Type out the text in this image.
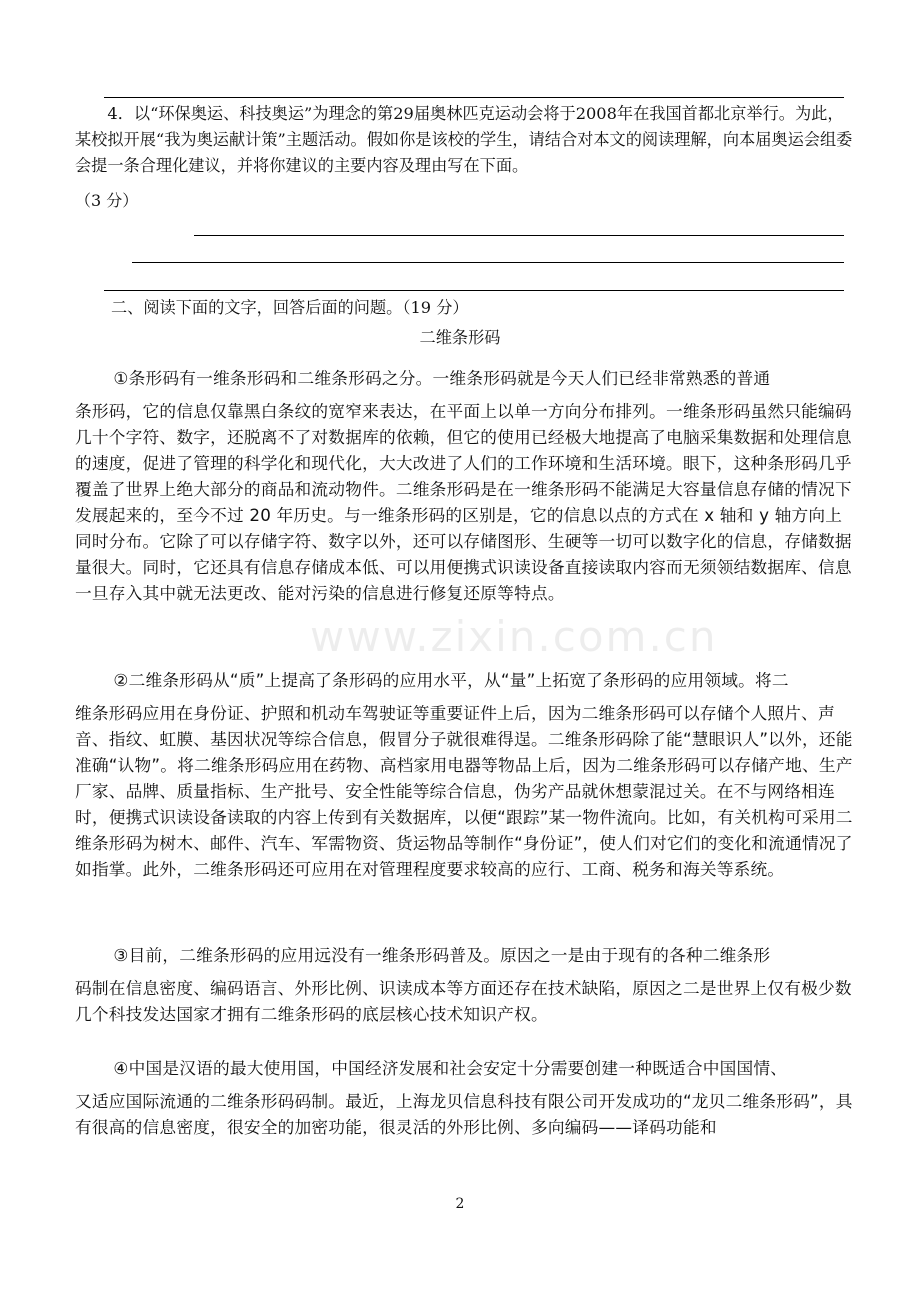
4．以“环保奥运、科技奥运”为理念的第29届奥林匹克运动会将于2008年在我国首都北京举行。为此，某校拟开展“我为奥运献计策”主题活动。假如你是该校的学生，请结合对本文的阅读理解，向本届奥运会组委会提一条合理化建议，并将你建议的主要内容及理由写在下面。

（3 分）

二、阅读下面的文字，回答后面的问题。（19 分）

二维条形码

①条形码有一维条形码和二维条形码之分。一维条形码就是今天人们已经非常熟悉的普通
条形码，它的信息仅靠黑白条纹的宽窄来表达，在平面上以单一方向分布排列。一维条形码虽然只能编码几十个字符、数字，还脱离不了对数据库的依赖，但它的使用已经极大地提高了电脑采集数据和处理信息的速度，促进了管理的科学化和现代化，大大改进了人们的工作环境和生活环境。眼下，这种条形码几乎覆盖了世界上绝大部分的商品和流动物件。二维条形码是在一维条形码不能满足大容量信息存储的情况下发展起来的，至今不过 20 年历史。与一维条形码的区别是，它的信息以点的方式在 x 轴和 y 轴方向上同时分布。它除了可以存储字符、数字以外，还可以存储图形、生硬等一切可以数字化的信息，存储数据量很大。同时，它还具有信息存储成本低、可以用便携式识读设备直接读取内容而无须领结数据库、信息一旦存入其中就无法更改、能对污染的信息进行修复还原等特点。

②二维条形码从“质”上提高了条形码的应用水平，从“量”上拓宽了条形码的应用领域。将二
维条形码应用在身份证、护照和机动车驾驶证等重要证件上后，因为二维条形码可以存储个人照片、声音、指纹、虹膜、基因状况等综合信息，假冒分子就很难得逞。二维条形码除了能“慧眼识人”以外，还能准确“认物”。将二维条形码应用在药物、高档家用电器等物品上后，因为二维条形码可以存储产地、生产厂家、品牌、质量指标、生产批号、安全性能等综合信息，伪劣产品就休想蒙混过关。在不与网络相连时，便携式识读设备读取的内容上传到有关数据库，以便“跟踪”某一物件流向。比如，有关机构可采用二维条形码为树木、邮件、汽车、军需物资、货运物品等制作“身份证”，使人们对它们的变化和流通情况了如指掌。此外，二维条形码还可应用在对管理程度要求较高的应行、工商、税务和海关等系统。

③目前，二维条形码的应用远没有一维条形码普及。原因之一是由于现有的各种二维条形
码制在信息密度、编码语言、外形比例、识读成本等方面还存在技术缺陷，原因之二是世界上仅有极少数几个科技发达国家才拥有二维条形码的底层核心技术知识产权。

④中国是汉语的最大使用国，中国经济发展和社会安定十分需要创建一种既适合中国国情、
又适应国际流通的二维条形码码制。最近，上海龙贝信息科技有限公司开发成功的“龙贝二维条形码”，具有很高的信息密度，很安全的加密功能，很灵活的外形比例、多向编码——译码功能和

www.zixin.com.cn
2
